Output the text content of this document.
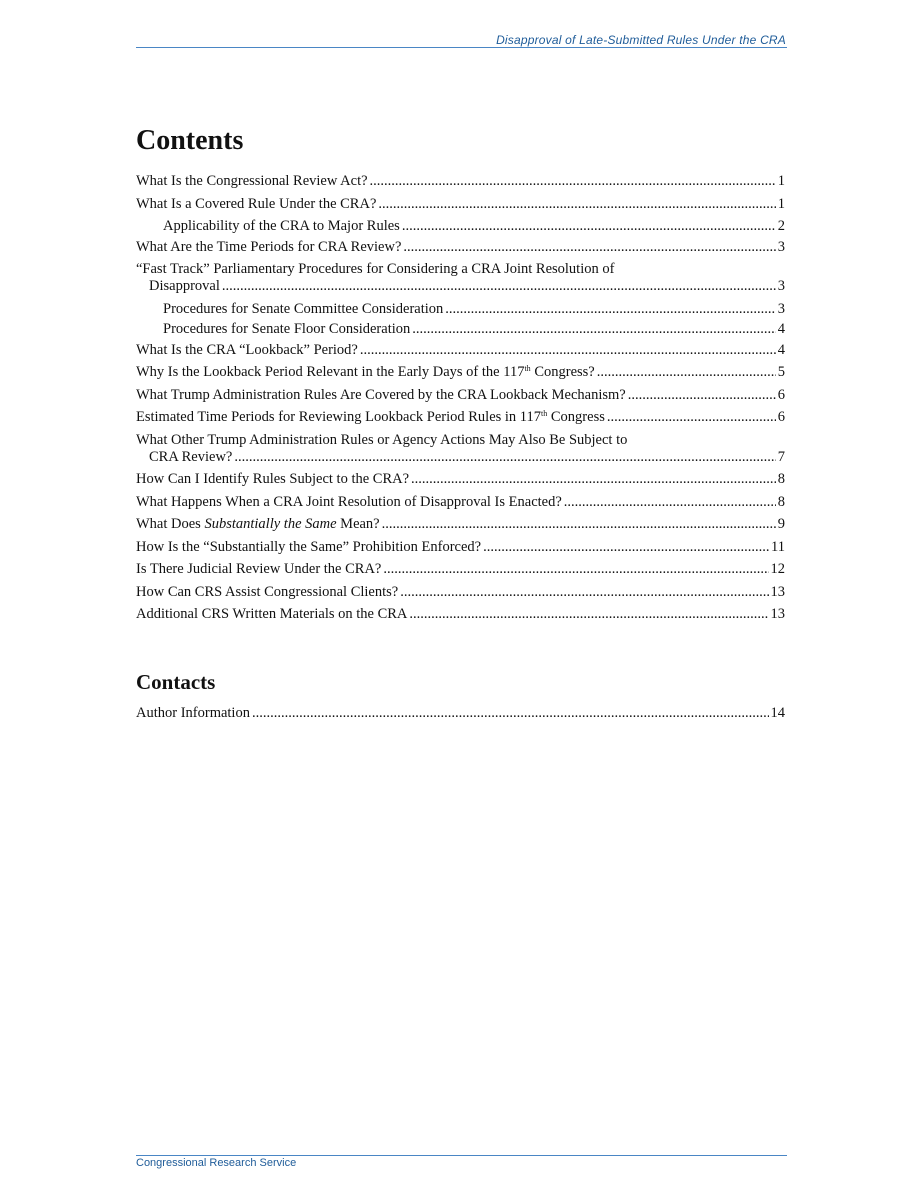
Disapproval of Late-Submitted Rules Under the CRA
Contents
What Is the Congressional Review Act? .....	1
What Is a Covered Rule Under the CRA? .....	1
Applicability of the CRA to Major Rules .....	2
What Are the Time Periods for CRA Review? .....	3
“Fast Track” Parliamentary Procedures for Considering a CRA Joint Resolution of
Disapproval .....	3
Procedures for Senate Committee Consideration .....	3
Procedures for Senate Floor Consideration .....	4
What Is the CRA “Lookback” Period? .....	4
Why Is the Lookback Period Relevant in the Early Days of the 117th Congress? .....	5
What Trump Administration Rules Are Covered by the CRA Lookback Mechanism? .....	6
Estimated Time Periods for Reviewing Lookback Period Rules in 117th Congress .....	6
What Other Trump Administration Rules or Agency Actions May Also Be Subject to
CRA Review? .....	7
How Can I Identify Rules Subject to the CRA? .....	8
What Happens When a CRA Joint Resolution of Disapproval Is Enacted? .....	8
What Does Substantially the Same Mean? .....	9
How Is the “Substantially the Same” Prohibition Enforced? .....	11
Is There Judicial Review Under the CRA? .....	12
How Can CRS Assist Congressional Clients? .....	13
Additional CRS Written Materials on the CRA .....	13
Contacts
Author Information .....	14
Congressional Research Service
